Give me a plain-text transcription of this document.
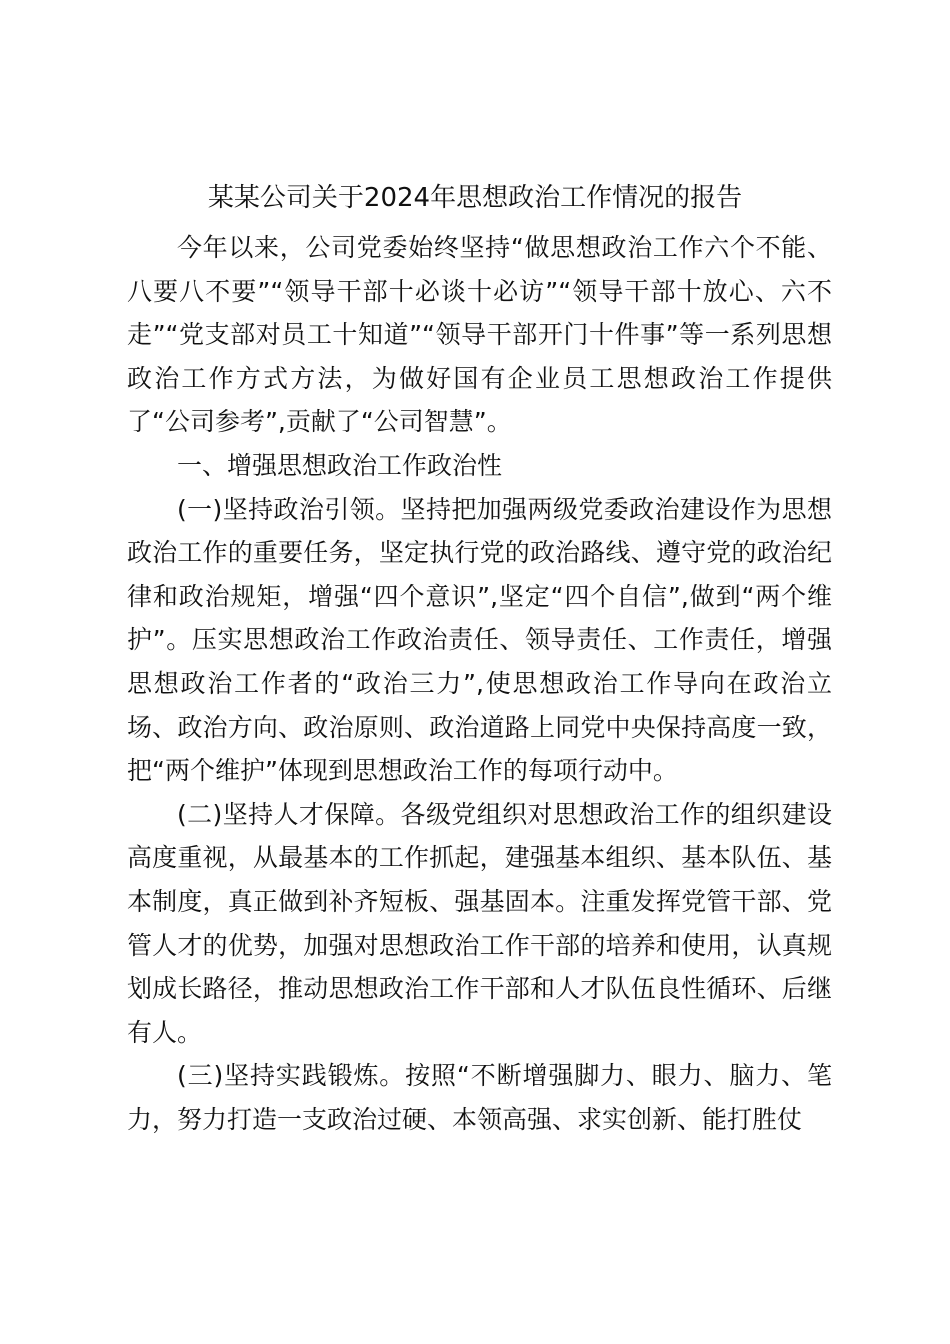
某某公司关于2024年思想政治工作情况的报告

今年以来，公司党委始终坚持“做思想政治工作六个不能、八要八不要”“领导干部十必谈十必访”“领导干部十放心、六不走”“党支部对员工十知道”“领导干部开门十件事”等一系列思想政治工作方式方法，为做好国有企业员工思想政治工作提供了“公司参考”,贡献了“公司智慧”。

一、增强思想政治工作政治性

(一)坚持政治引领。坚持把加强两级党委政治建设作为思想政治工作的重要任务，坚定执行党的政治路线、遵守党的政治纪律和政治规矩，增强“四个意识”,坚定“四个自信”,做到“两个维护”。压实思想政治工作政治责任、领导责任、工作责任，增强思想政治工作者的“政治三力”,使思想政治工作导向在政治立场、政治方向、政治原则、政治道路上同党中央保持高度一致，把“两个维护”体现到思想政治工作的每项行动中。

(二)坚持人才保障。各级党组织对思想政治工作的组织建设高度重视，从最基本的工作抓起，建强基本组织、基本队伍、基本制度，真正做到补齐短板、强基固本。注重发挥党管干部、党管人才的优势，加强对思想政治工作干部的培养和使用，认真规划成长路径，推动思想政治工作干部和人才队伍良性循环、后继有人。

(三)坚持实践锻炼。按照“不断增强脚力、眼力、脑力、笔力，努力打造一支政治过硬、本领高强、求实创新、能打胜仗
